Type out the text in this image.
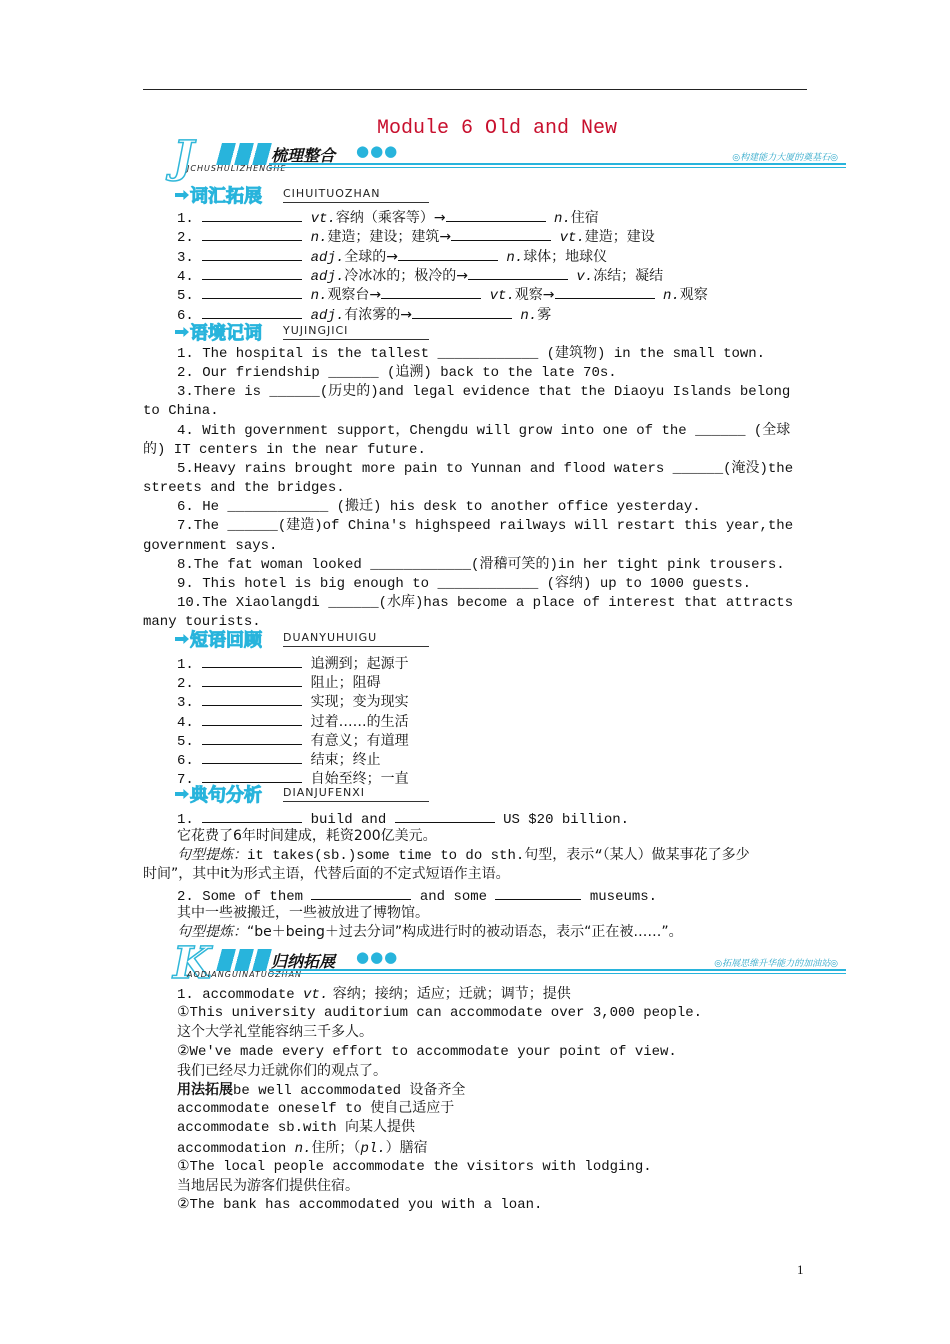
Module 6 Old and New
J	梳理整合 ●●●
JCHUSHULIZHENGHE
◎构建能力大厦的奠基石◎
词汇拓展 CIHUITUOZHAN
1.	vt.容纳（乘客等）→	n.住宿
2.	n.建造；建设；建筑→	vt.建造；建设
3.	adj.全球的→	n.球体；地球仪
4.	adj.冷冰冰的；极冷的→	v.冻结；凝结
5.	n.观察台→	vt.观察→	n.观察
6.	adj.有浓雾的→	n.雾
语境记词 YUJINGJICI
1. The hospital is the tallest ____________ (建筑物) in the small town.
2. Our friendship ______ (追溯) back to the late 70s.
3.There is ______(历史的)and legal evidence that the Diaoyu Islands belong
to China.
4. With government support，Chengdu will grow into one of the ______ (全球
的) IT centers in the near future.
5.Heavy rains brought more pain to Yunnan and flood waters ______(淹没)the
streets and the bridges.
6. He ____________ (搬迁) his desk to another office yesterday.
7.The ______(建造)of China's highspeed railways will restart this year,the
government says.
8.The fat woman looked ____________(滑稽可笑的)in her tight pink trousers.
9. This hotel is big enough to ____________ (容纳) up to 1000 guests.
10.The Xiaolangdi ______(水库)has become a place of interest that attracts
many tourists.
短语回顾 DUANYUHUIGU
1.	追溯到；起源于
2.	阻止；阻碍
3.	实现；变为现实
4.	过着……的生活
5.	有意义；有道理
6.	结束；终止
7.	自始至终；一直
典句分析 DIANJUFENXI
1.	build and	US $20 billion.
它花费了6年时间建成，耗资200亿美元。
句型提炼：it takes(sb.)some time to do sth.句型，表示“（某人）做某事花了多少
时间”，其中it为形式主语，代替后面的不定式短语作主语。
2. Some of them	and some	museums.
其中一些被搬迁，一些被放进了博物馆。
句型提炼：“be＋being＋过去分词”构成进行时的被动语态，表示“正在被……”。
K	归纳拓展 ●●●
AODIANGUINATUOZHAN
◎拓展思维升华能力的加油站◎
1. accommodate vt. 容纳；接纳；适应；迁就；调节；提供
①This university auditorium can accommodate over 3,000 people.
这个大学礼堂能容纳三千多人。
②We've made every effort to accommodate your point of view.
我们已经尽力迁就你们的观点了。
用法拓展be well accommodated 设备齐全
accommodate oneself to 使自己适应于
accommodate sb.with 向某人提供
accommodation n.住所；（pl.）膳宿
①The local people accommodate the visitors with lodging.
当地居民为游客们提供住宿。
②The bank has accommodated you with a loan.
1
